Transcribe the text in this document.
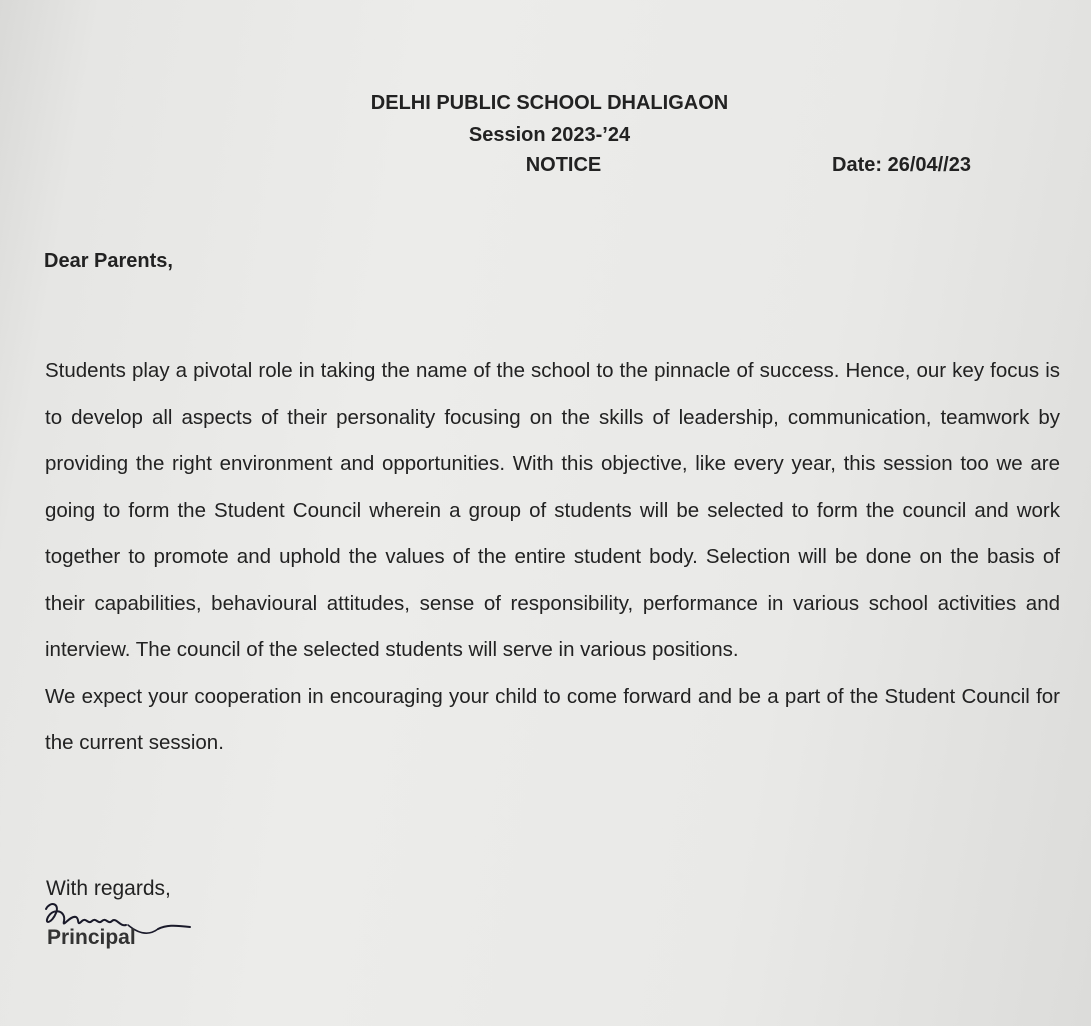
DELHI PUBLIC SCHOOL DHALIGAON
Session 2023-’24
NOTICE	Date: 26/04//23
Dear Parents,

Students play a pivotal role in taking the name of the school to the pinnacle of success. Hence, our key focus is to develop all aspects of their personality focusing on the skills of leadership, communication, teamwork by providing the right environment and opportunities. With this objective, like every year, this session too we are going to form the Student Council wherein a group of students will be selected to form the council and work together to promote and uphold the values of the entire student body. Selection will be done on the basis of their capabilities, behavioural attitudes, sense of responsibility, performance in various school activities and interview. The council of the selected students will serve in various positions.

We expect your cooperation in encouraging your child to come forward and be a part of the Student Council for the current session.

With regards,
Principal
